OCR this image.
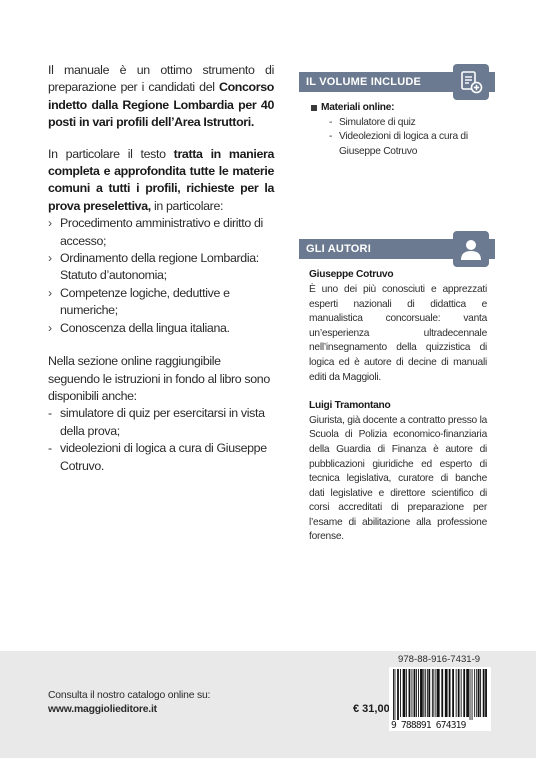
Il manuale è un ottimo strumento di preparazione per i candidati del Concorso indetto dalla Regione Lombardia per 40 posti in vari profili dell’Area Istruttori.

In particolare il testo tratta in maniera completa e approfondita tutte le materie comuni a tutti i profili, richieste per la prova preselettiva, in particolare:

› Procedimento amministrativo e diritto di accesso;
› Ordinamento della regione Lombardia: Statuto d’autonomia;
› Competenze logiche, deduttive e numeriche;
› Conoscenza della lingua italiana.

Nella sezione online raggiungibile seguendo le istruzioni in fondo al libro sono disponibili anche:

- simulatore di quiz per esercitarsi in vista della prova;
- videolezioni di logica a cura di Giuseppe Cotruvo.
IL VOLUME INCLUDE
Materiali online:
- Simulatore di quiz
- Videolezioni di logica a cura di Giuseppe Cotruvo
GLI AUTORI
Giuseppe Cotruvo

È uno dei più conosciuti e apprezzati esperti nazionali di didattica e manualistica concorsuale: vanta un’esperienza ultradecennale nell’insegnamento della quizzistica di logica ed è autore di decine di manuali editi da Maggioli.

Luigi Tramontano

Giurista, già docente a contratto presso la Scuola di Polizia economico-finanziaria della Guardia di Finanza è autore di pubblicazioni giuridiche ed esperto di tecnica legislativa, curatore di banche dati legislative e direttore scientifico di corsi accreditati di preparazione per l’esame di abilitazione alla professione forense.

Consulta il nostro catalogo online su:
www.maggiolieditore.it	€ 31,00
978-88-916-7431-9
9 788891 674319
